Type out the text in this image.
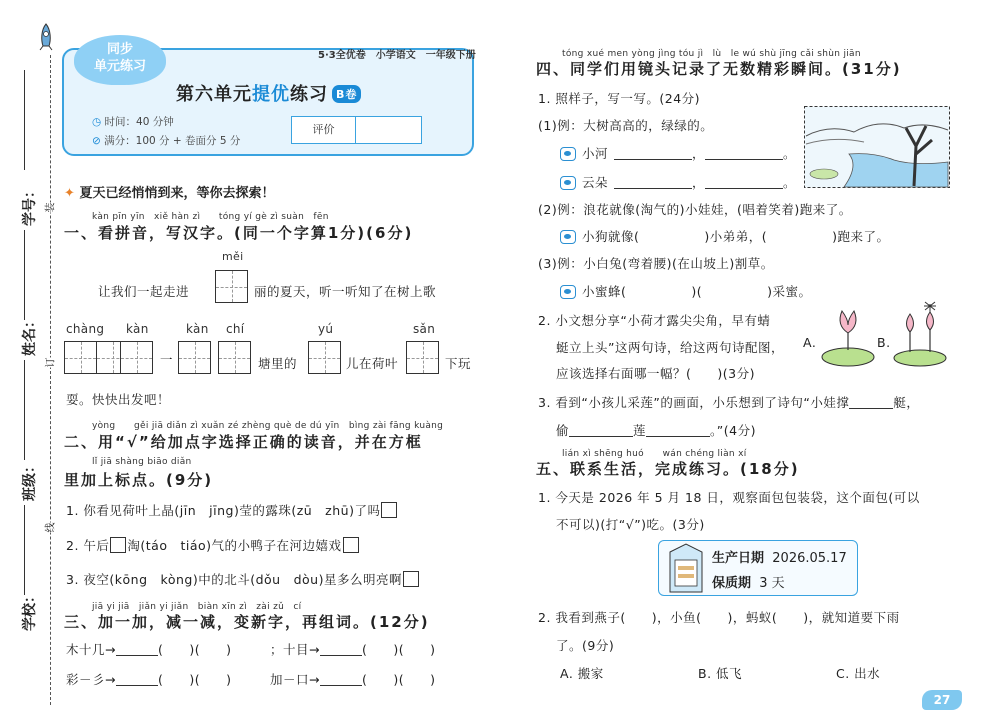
学号：
姓名：
班级：
学校：
装
订
线
同步
单元练习
5·3全优卷　小学语文　一年级下册
第六单元提优练习 B卷
◷ 时间：40 分钟
⊘ 满分：100 分 + 卷面分 5 分
评价
✦ 夏天已经悄悄到来，等你去探索！
kàn pīn yīn　xiě hàn zì　　tóng yí gè zì suàn　fēn
一、看拼音，写汉字。(同一个字算1分)(6分)
měi
让我们一起走进	丽的夏天，听一听知了在树上歌
chàng kàn	kàn chí	yú	sǎn
一	塘里的	儿在荷叶	下玩
耍。快快出发吧！
yòng　　gěi jiā diǎn zì xuǎn zé zhèng què de dú yīn　bìng zài fāng kuàng
二、用“√”给加点字选择正确的读音，并在方框
lǐ jiā shàng biāo diǎn
里加上标点。(9分)
1. 你看见荷叶上晶(jīn　jīng)莹的露珠(zū　zhū)了吗
2. 午后 淘(táo　tiáo)气的小鸭子在河边嬉戏
3. 夜空(kōng　kòng)中的北斗(dǒu　dòu)星多么明亮啊
jiā yi jiā　jiǎn yi jiǎn　biàn xīn zì　zài zǔ　cí
三、加一加，减一减，变新字，再组词。(12分)
木十几→	(　　)(　　)	；十目→	(　　)(　　)
彩－彡→	(　　)(　　)	加－口→	(　　)(　　)
tóng xué men yòng jìng tóu jì　lù　le wú shù jīng cǎi shùn jiān
四、同学们用镜头记录了无数精彩瞬间。(31分)
1. 照样子，写一写。(24分)
(1)例：大树高高的，绿绿的。
小河	，	。
云朵	，	。
(2)例：浪花就像(淘气的)小娃娃，(唱着笑着)跑来了。
小狗就像(　　　　　)小弟弟，(　　　　　)跑来了。
(3)例：小白兔(弯着腰)(在山坡上)割草。
小蜜蜂(　　　　　)(　　　　　)采蜜。
2. 小文想分享“小荷才露尖尖角，早有蜻
蜓立上头”这两句诗，给这两句诗配图，
应该选择右面哪一幅？(　　)(3分)
A.	B.
3. 看到“小孩儿采莲”的画面，小乐想到了诗句“小娃撑	艇，
偷	莲	。”(4分)
lián xì shēng huó　　wán chéng liàn xí
五、联系生活，完成练习。(18分)
1. 今天是 2026 年 5 月 18 日，观察面包包装袋，这个面包(可以
不可以)(打“√”)吃。(3分)
生产日期 2026.05.17
保质期 3 天
2. 我看到燕子(　　)，小鱼(　　)，蚂蚁(　　)，就知道要下雨
了。(9分)
A. 搬家	B. 低飞	C. 出水
27
